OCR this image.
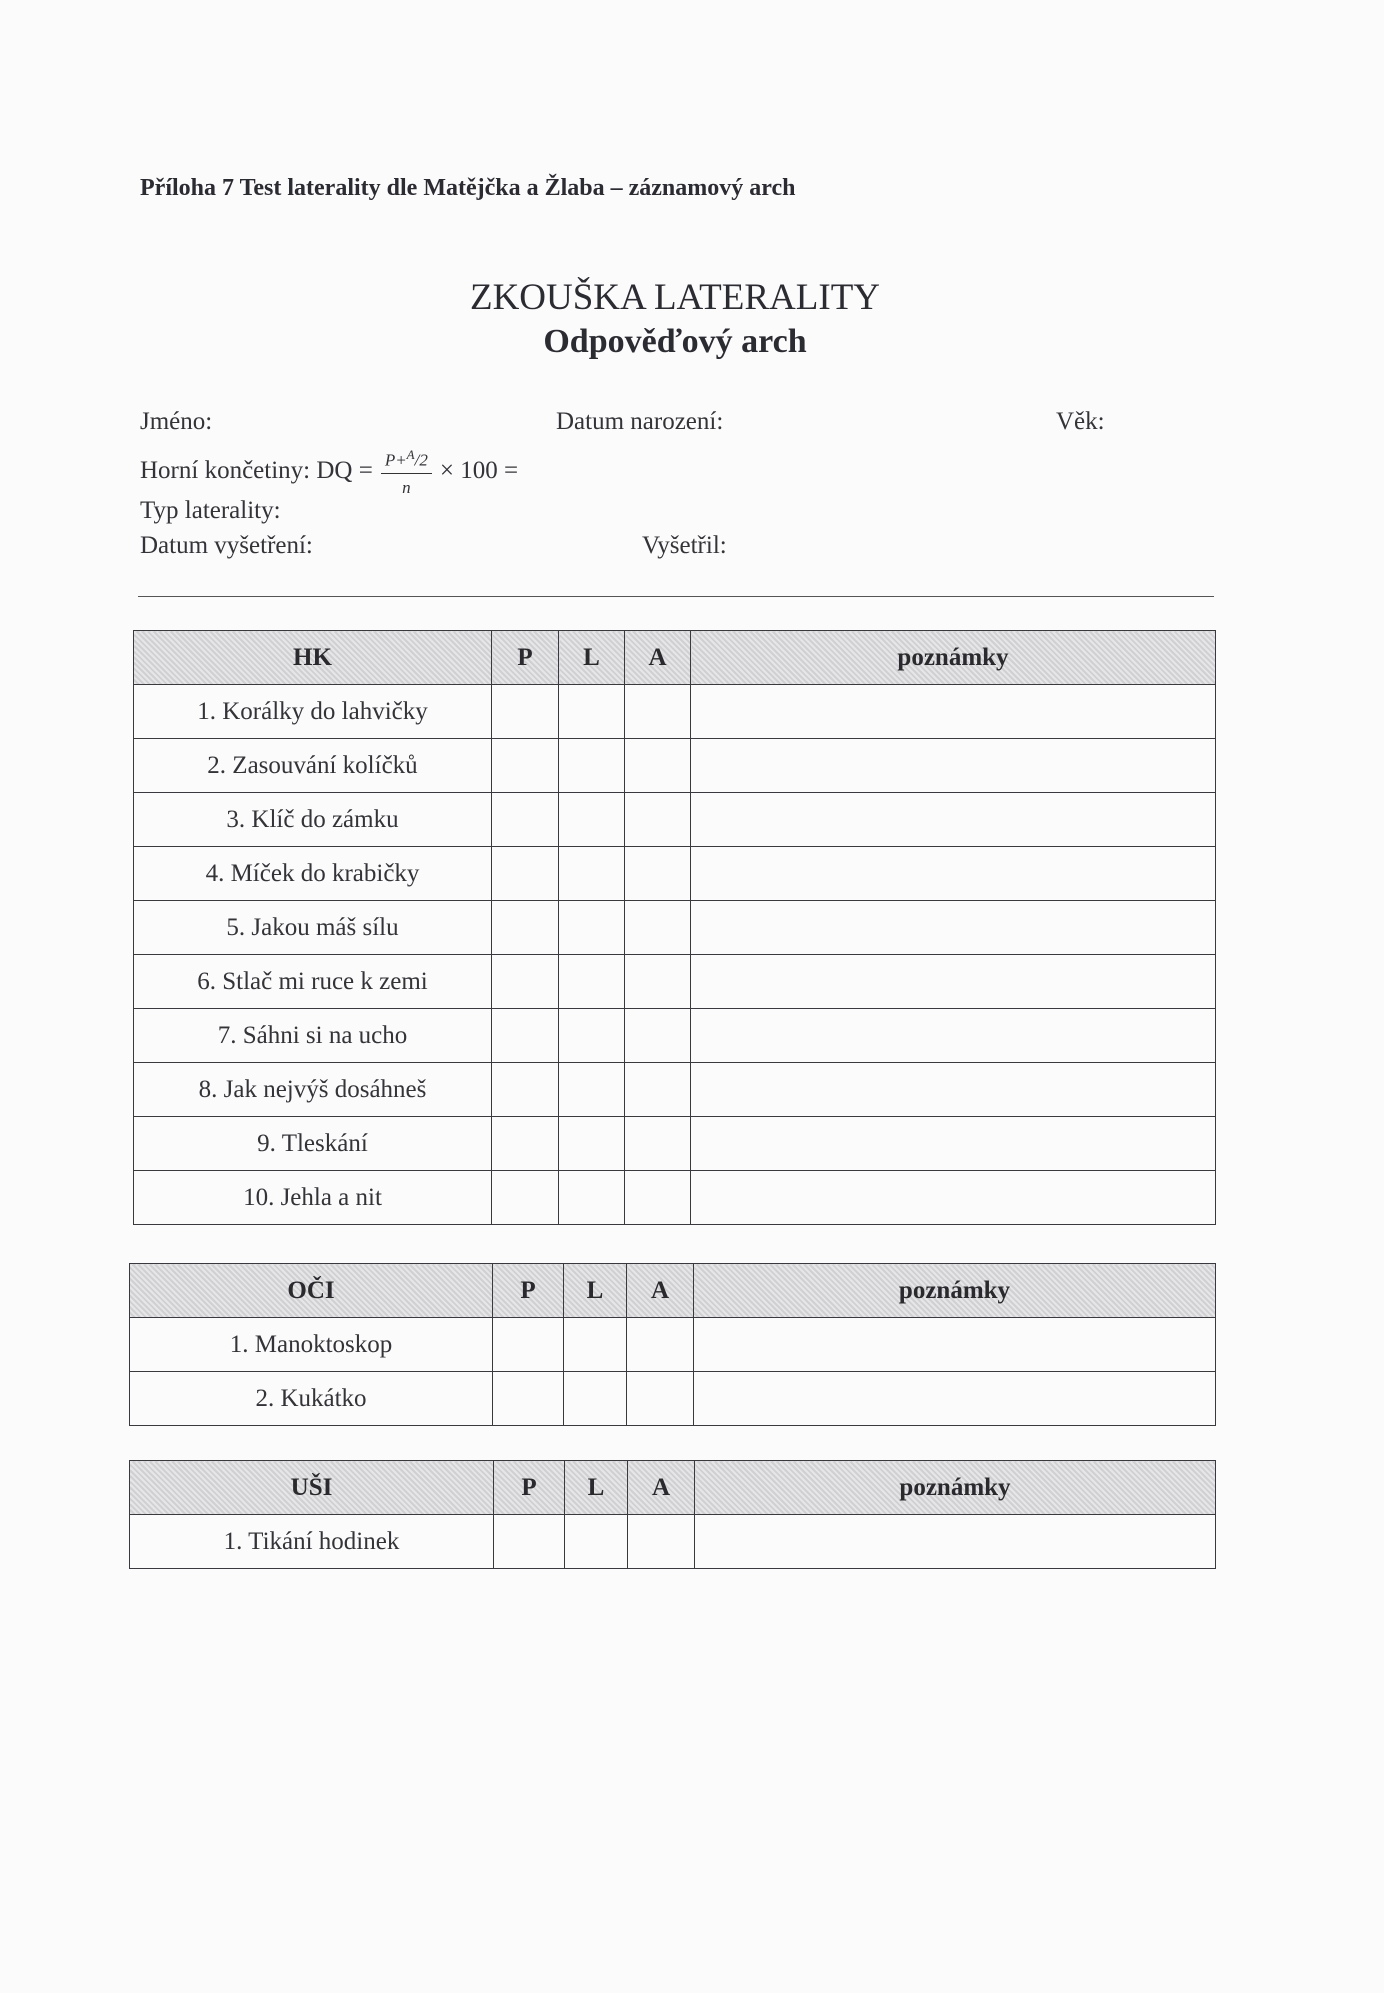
Příloha 7 Test laterality dle Matějčka a Žlaba – záznamový arch
ZKOUŠKA LATERALITY
Odpověďový arch
Jméno:	Datum narození:	Věk:
Horní končetiny: DQ = $\frac{P+^A/2}{n} \times 100$ =
Typ laterality:
Datum vyšetření:	Vyšetřil:
HK	P	L	A	poznámky
1. Korálky do lahvičky				
2. Zasouvání kolíčků				
3. Klíč do zámku				
4. Míček do krabičky				
5. Jakou máš sílu				
6. Stlač mi ruce k zemi				
7. Sáhni si na ucho				
8. Jak nejvýš dosáhneš				
9. Tleskání				
10. Jehla a nit				
OČI	P	L	A	poznámky
1. Manoktoskop				
2. Kukátko				
UŠI	P	L	A	poznámky
1. Tikání hodinek				
